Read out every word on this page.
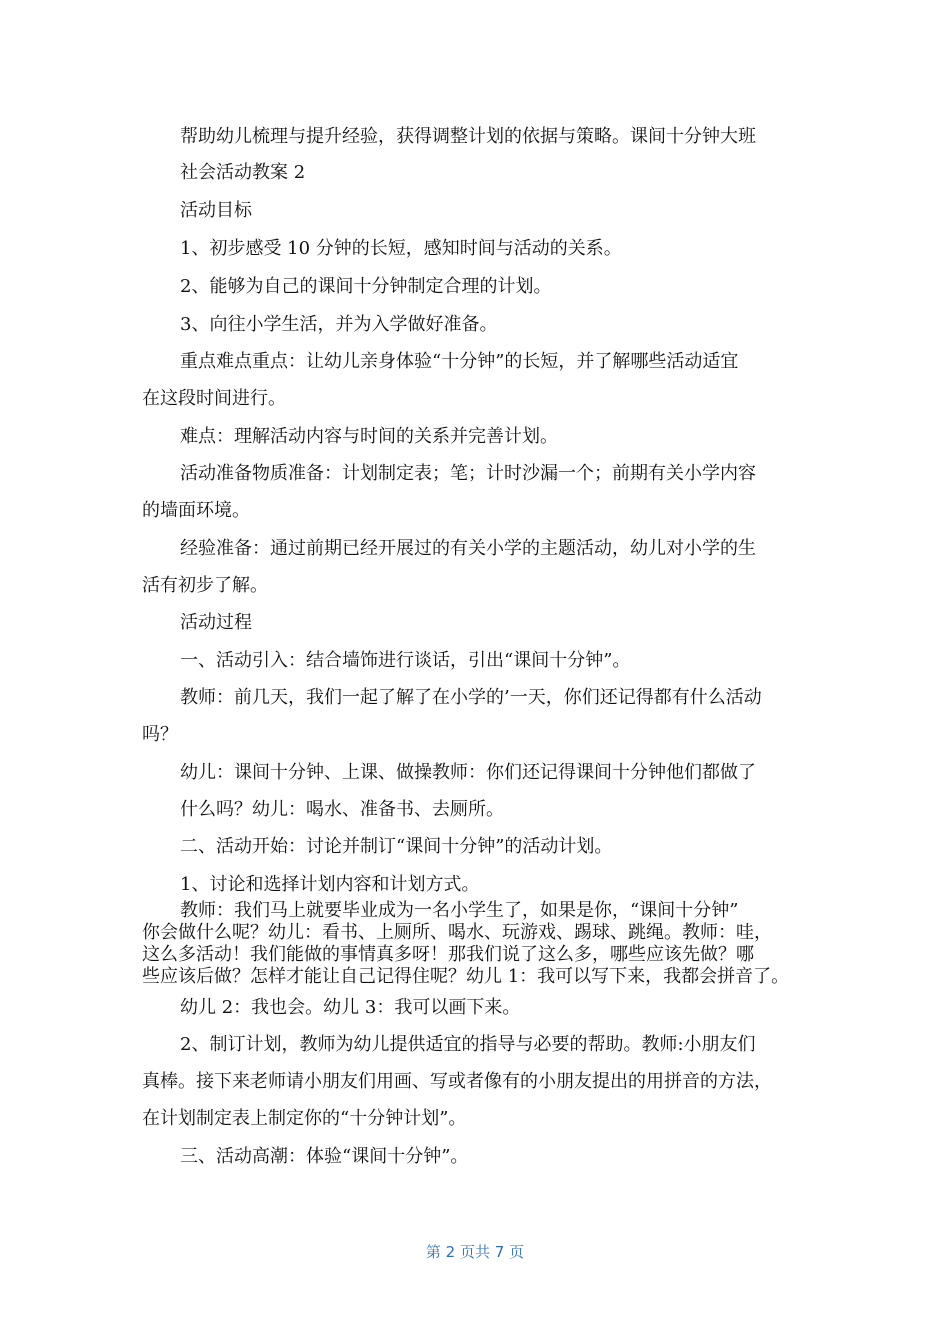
帮助幼儿梳理与提升经验，获得调整计划的依据与策略。课间十分钟大班

社会活动教案 2

活动目标

1、初步感受 10 分钟的长短，感知时间与活动的关系。

2、能够为自己的课间十分钟制定合理的计划。

3、向往小学生活，并为入学做好准备。

重点难点重点：让幼儿亲身体验“十分钟”的长短，并了解哪些活动适宜

在这段时间进行。

难点：理解活动内容与时间的关系并完善计划。

活动准备物质准备：计划制定表；笔；计时沙漏一个；前期有关小学内容

的墙面环境。

经验准备：通过前期已经开展过的有关小学的主题活动，幼儿对小学的生

活有初步了解。

活动过程

一、活动引入：结合墙饰进行谈话，引出“课间十分钟”。

教师：前几天，我们一起了解了在小学的’一天，你们还记得都有什么活动

吗？

幼儿：课间十分钟、上课、做操教师：你们还记得课间十分钟他们都做了

什么吗？幼儿：喝水、准备书、去厕所。

二、活动开始：讨论并制订“课间十分钟”的活动计划。

1、讨论和选择计划内容和计划方式。

教师：我们马上就要毕业成为一名小学生了，如果是你，“课间十分钟”

你会做什么呢？幼儿：看书、上厕所、喝水、玩游戏、踢球、跳绳。教师：哇，

这么多活动！我们能做的事情真多呀！那我们说了这么多，哪些应该先做？哪

些应该后做？怎样才能让自己记得住呢？幼儿 1：我可以写下来，我都会拼音了。

幼儿 2：我也会。幼儿 3：我可以画下来。

2、制订计划，教师为幼儿提供适宜的指导与必要的帮助。教师:小朋友们

真棒。接下来老师请小朋友们用画、写或者像有的小朋友提出的用拼音的方法，

在计划制定表上制定你的“十分钟计划”。

三、活动高潮：体验“课间十分钟”。

第 2 页共 7 页
